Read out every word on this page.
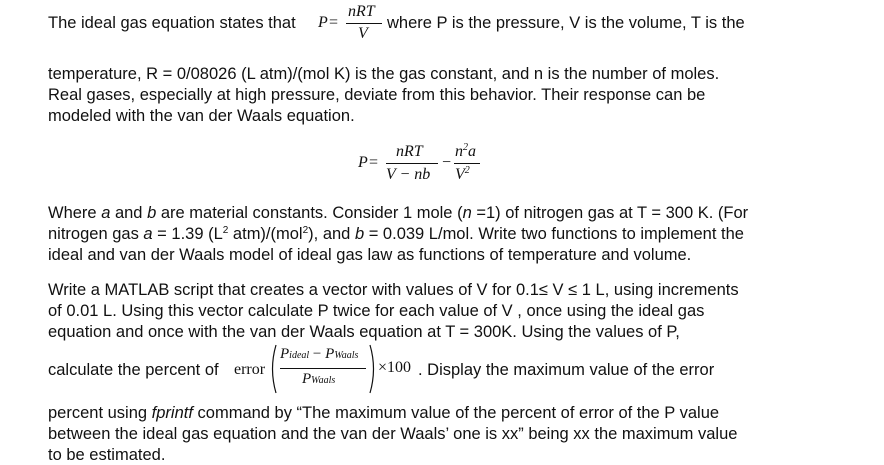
The ideal gas equation states that P =
nRT
V
where P is the pressure, V is the volume, T is the
temperature, R = 0/08026 (L atm)/(mol K) is the gas constant, and n is the number of moles.
Real gases, especially at high pressure, deviate from this behavior. Their response can be
modeled with the van der Waals equation.
P =
nRT
V − nb
−
$n^2a$
$V^2$
Where a and b are material constants. Consider 1 mole (n =1) of nitrogen gas at T = 300 K. (For
nitrogen gas a = 1.39 ($L^2$ atm)/(mol$^2$), and b = 0.039 L/mol. Write two functions to implement the
ideal and van der Waals model of ideal gas law as functions of temperature and volume.
Write a MATLAB script that creates a vector with values of V for 0.1≤ V ≤ 1 L, using increments
of 0.01 L. Using this vector calculate P twice for each value of V , once using the ideal gas
equation and once with the van der Waals equation at T = 300K. Using the values of P,
calculate the percent of error
Pideal − PWaals
PWaals
×100 . Display the maximum value of the error
percent using fprintf command by “The maximum value of the percent of error of the P value
between the ideal gas equation and the van der Waals’ one is xx” being xx the maximum value
to be estimated.
